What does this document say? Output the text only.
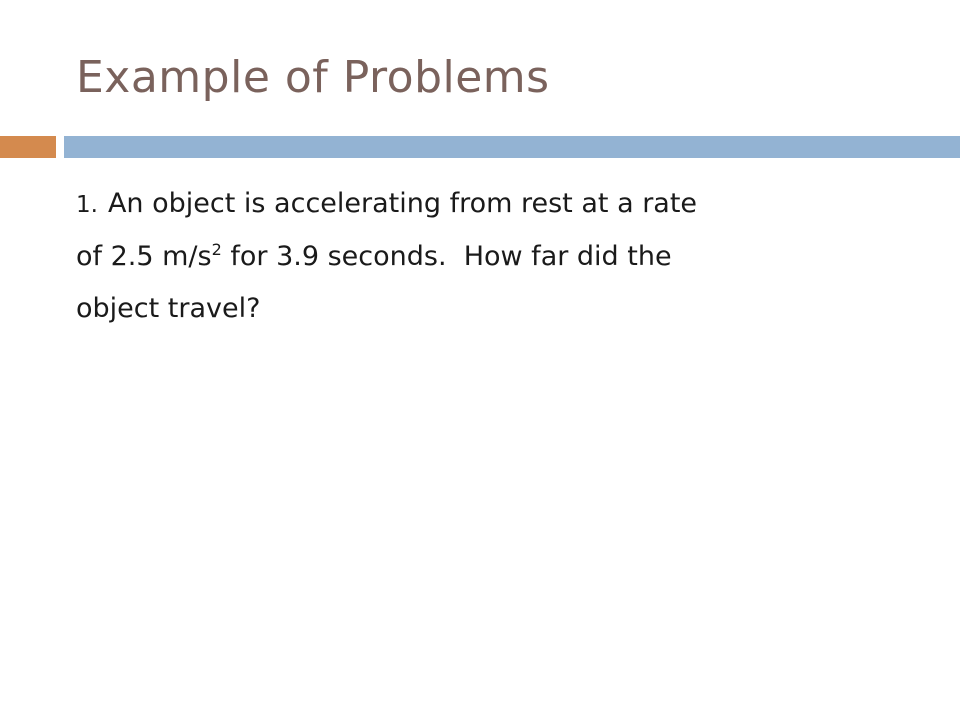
Example of Problems
1. An object is accelerating from rest at a rate
of 2.5 $m/s^2$ for 3.9 seconds.  How far did the
object travel?
